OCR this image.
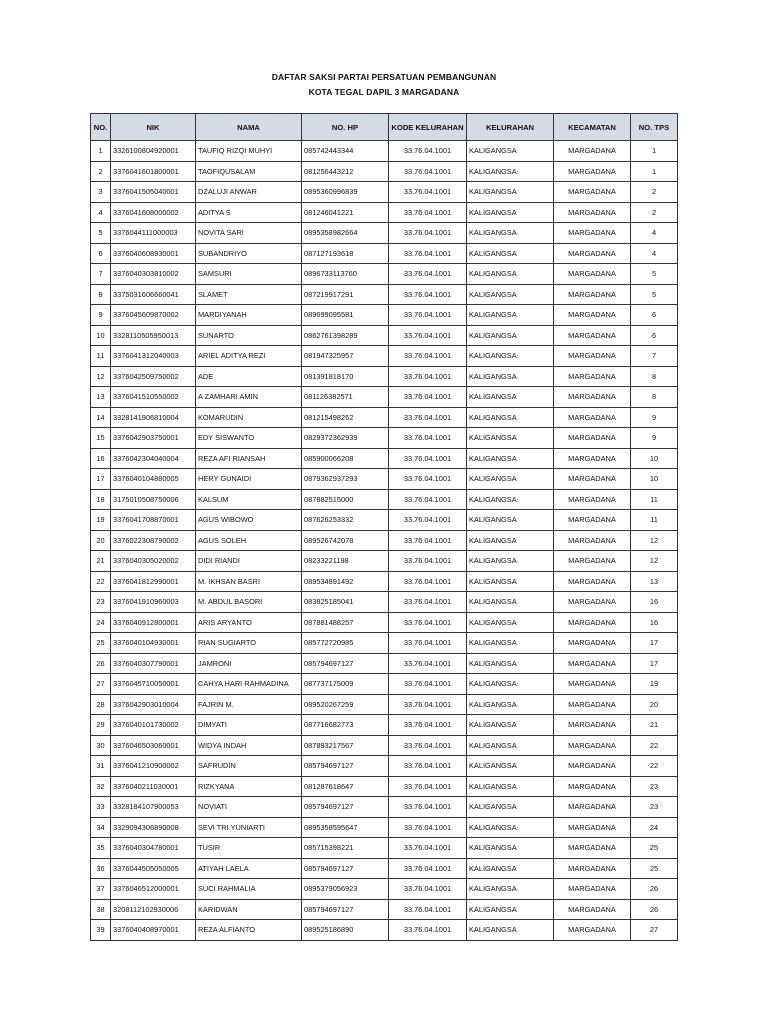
DAFTAR SAKSI PARTAI PERSATUAN PEMBANGUNAN
KOTA TEGAL DAPIL 3 MARGADANA
NO.	NIK	NAMA	NO. HP	KODE KELURAHAN	KELURAHAN	KECAMATAN	NO. TPS
1	3326100804920001	TAUFIQ RIZQI MUHYI	085742443344	33.76.04.1001	KALIGANGSA	MARGADANA	1
2	3376041601800001	TAOFIQUSALAM	081256443212	33.76.04.1001	KALIGANGSA	MARGADANA	1
3	3376041505040001	DZALUJI ANWAR	0895360996839	33.76.04.1001	KALIGANGSA	MARGADANA	2
4	3376041608000002	ADITYA S	081246041221	33.76.04.1001	KALIGANGSA	MARGADANA	2
5	3376044111000003	NOVITA SARI	0895358982664	33.76.04.1001	KALIGANGSA	MARGADANA	4
6	3376040608930001	SUBANDRIYO	087127193618	33.76.04.1001	KALIGANGSA	MARGADANA	4
7	3376040303810002	SAMSURI	0896733113760	33.76.04.1001	KALIGANGSA	MARGADANA	5
8	3375031606660041	SLAMET	087219917291	33.76.04.1001	KALIGANGSA	MARGADANA	5
9	3376045609870002	MARDIYANAH	089699095581	33.76.04.1001	KALIGANGSA	MARGADANA	6
10	3328110505950013	SUNARTO	0862761398289	33.76.04.1001	KALIGANGSA	MARGADANA	6
11	3376041312040003	ARIEL ADITYA REZI	081947325957	33.76.04.1001	KALIGANGSA	MARGADANA	7
12	3376042509750002	ADE	081391818170	33.76.04.1001	KALIGANGSA	MARGADANA	8
13	3376041510550002	A ZAMHARI AMIN	081126382571	33.76.04.1001	KALIGANGSA	MARGADANA	8
14	3328141906810004	KOMARUDIN	081215498262	33.76.04.1001	KALIGANGSA	MARGADANA	9
15	3376042903750001	EDY SISWANTO	0829372362939	33.76.04.1001	KALIGANGSA	MARGADANA	9
16	3376042304040004	REZA AFI RIANSAH	085900066208	33.76.04.1001	KALIGANGSA	MARGADANA	10
17	3376040104880005	HERY GUNAIDI	0879362937293	33.76.04.1001	KALIGANGSA	MARGADANA	10
18	3175010508750006	KALSUM	087882515000	33.76.04.1001	KALIGANGSA	MARGADANA	11
19	3376041708870001	AGUS WIBOWO	087626253332	33.76.04.1001	KALIGANGSA	MARGADANA	11
20	3376022308790002	AGUS SOLEH	089526742078	33.76.04.1001	KALIGANGSA	MARGADANA	12
21	3376040305020002	DIDI RIANDI	08233221198	33.76.04.1001	KALIGANGSA	MARGADANA	12
22	3376041812990001	M. IKHSAN BASRI	089534891492	33.76.04.1001	KALIGANGSA	MARGADANA	13
23	3376041910960003	M. ABDUL BASORI	083825185041	33.76.04.1001	KALIGANGSA	MARGADANA	16
24	3376040912800001	ARIS ARYANTO	087881488257	33.76.04.1001	KALIGANGSA	MARGADANA	16
25	3376040104930001	RIAN SUGIARTO	085772720985	33.76.04.1001	KALIGANGSA	MARGADANA	17
26	3376040307790001	JAMRONI	085794697127	33.76.04.1001	KALIGANGSA	MARGADANA	17
27	3376045710050001	CAHYA HARI RAHMADINA	087737175009	33.76.04.1001	KALIGANGSA	MARGADANA	19
28	3376042903010004	FAJRIN M.	089520267259	33.76.04.1001	KALIGANGSA	MARGADANA	20
29	3376040101730002	DIMYATI	087716682773	33.76.04.1001	KALIGANGSA	MARGADANA	21
30	3376046503060001	WIDYA INDAH	087893217567	33.76.04.1001	KALIGANGSA	MARGADANA	22
31	3376041210900002	SAFRUDIN	085794697127	33.76.04.1001	KALIGANGSA	MARGADANA	22
32	3376040211030001	RIZKYANA	081287618647	33.76.04.1001	KALIGANGSA	MARGADANA	23
33	3328184107900053	NOVIATI	085794697127	33.76.04.1001	KALIGANGSA	MARGADANA	23
34	3329094306890008	SEVI TRI YUNIARTI	0895358595647	33.76.04.1001	KALIGANGSA	MARGADANA	24
35	3376040304780001	TUSIR	085715398221	33.76.04.1001	KALIGANGSA	MARGADANA	25
36	3376044505050005	ATIYAH LAELA	085794697127	33.76.04.1001	KALIGANGSA	MARGADANA	25
37	3376046512000001	SUCI RAHMALIA	0895379056923	33.76.04.1001	KALIGANGSA	MARGADANA	26
38	3208112102930006	KARIDWAN	085794697127	33.76.04.1001	KALIGANGSA	MARGADANA	26
39	3376040408970001	REZA ALFIANTO	089525186890	33.76.04.1001	KALIGANGSA	MARGADANA	27
